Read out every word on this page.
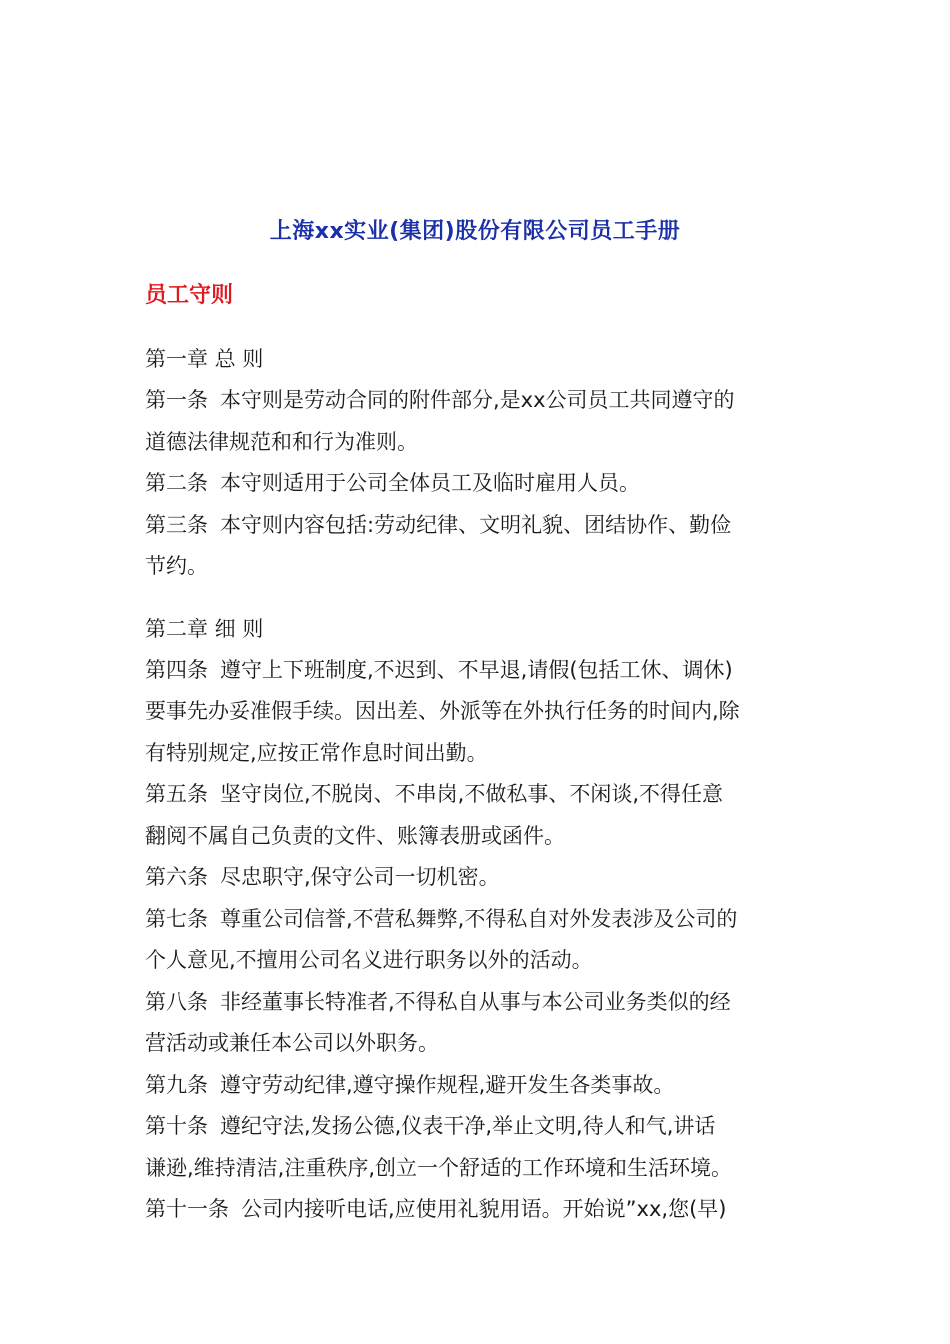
上海xx实业(集团)股份有限公司员工手册
员工守则
第一章 总 则
第一条 本守则是劳动合同的附件部分,是xx公司员工共同遵守的
道德法律规范和和行为准则。
第二条 本守则适用于公司全体员工及临时雇用人员。
第三条 本守则内容包括:劳动纪律、文明礼貌、团结协作、勤俭
节约。
第二章 细 则
第四条 遵守上下班制度,不迟到、不早退,请假(包括工休、调休)
要事先办妥准假手续。因出差、外派等在外执行任务的时间内,除
有特别规定,应按正常作息时间出勤。
第五条 坚守岗位,不脱岗、不串岗,不做私事、不闲谈,不得任意
翻阅不属自己负责的文件、账簿表册或函件。
第六条 尽忠职守,保守公司一切机密。
第七条 尊重公司信誉,不营私舞弊,不得私自对外发表涉及公司的
个人意见,不擅用公司名义进行职务以外的活动。
第八条 非经董事长特准者,不得私自从事与本公司业务类似的经
营活动或兼任本公司以外职务。
第九条 遵守劳动纪律,遵守操作规程,避开发生各类事故。
第十条 遵纪守法,发扬公德,仪表干净,举止文明,待人和气,讲话
谦逊,维持清洁,注重秩序,创立一个舒适的工作环境和生活环境。
第十一条 公司内接听电话,应使用礼貌用语。开始说”xx,您(早)
